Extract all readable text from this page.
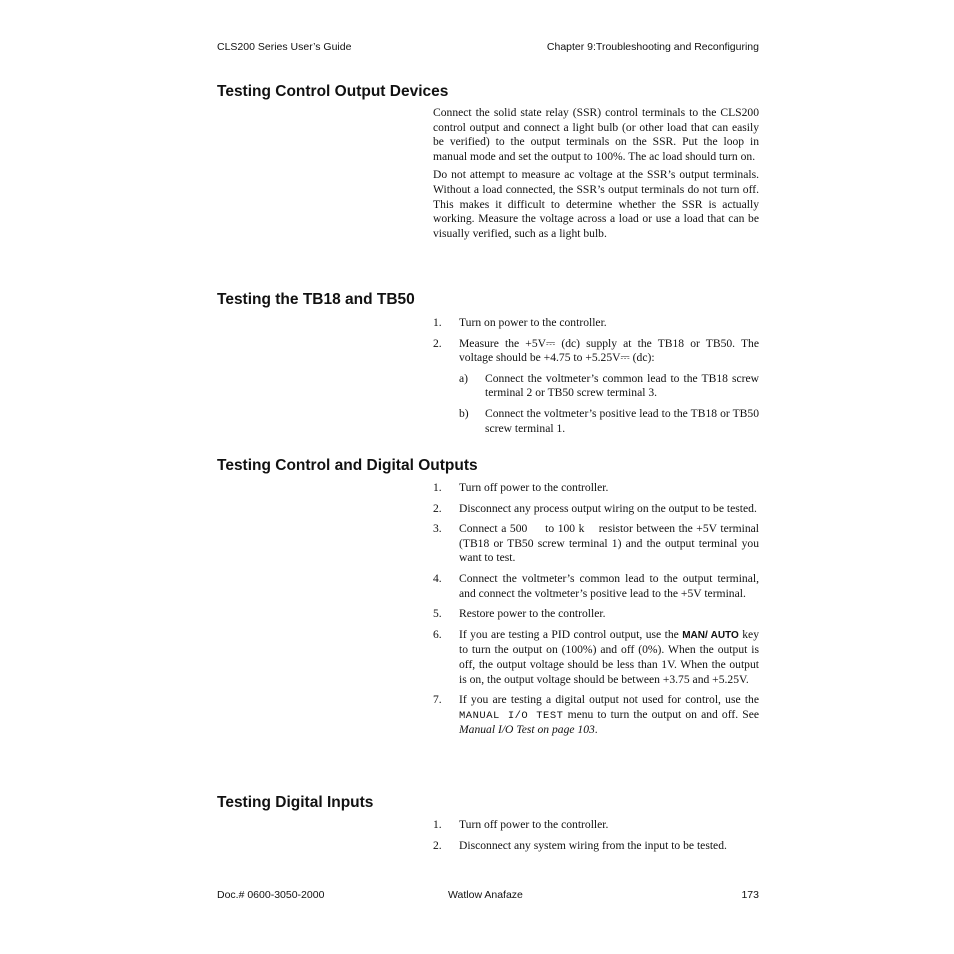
CLS200 Series User’s Guide	Chapter 9:Troubleshooting and Reconfiguring
Testing Control Output Devices

Connect the solid state relay (SSR) control terminals to the CLS200 control output and connect a light bulb (or other load that can easily be verified) to the output terminals on the SSR. Put the loop in manual mode and set the output to 100%. The ac load should turn on.

Do not attempt to measure ac voltage at the SSR’s output terminals. Without a load connected, the SSR’s output terminals do not turn off. This makes it difficult to determine whether the SSR is actually working. Measure the voltage across a load or use a load that can be visually verified, such as a light bulb.

Testing the TB18 and TB50
1. Turn on power to the controller.
2. Measure the +5V⎓ (dc) supply at the TB18 or TB50. The voltage should be +4.75 to +5.25V⎓ (dc):
a) Connect the voltmeter’s common lead to the TB18 screw terminal 2 or TB50 screw terminal 3.
b) Connect the voltmeter’s positive lead to the TB18 or TB50 screw terminal 1.
Testing Control and Digital Outputs
1. Turn off power to the controller.
2. Disconnect any process output wiring on the output to be tested.
3. Connect a 500     to 100 k    resistor between the +5V terminal (TB18 or TB50 screw terminal 1) and the output terminal you want to test.
4. Connect the voltmeter’s common lead to the output terminal, and connect the voltmeter’s positive lead to the +5V terminal.
5. Restore power to the controller.
6. If you are testing a PID control output, use the MAN/ AUTO key to turn the output on (100%) and off (0%). When the output is off, the output voltage should be less than 1V. When the output is on, the output voltage should be between +3.75 and +5.25V.
7. If you are testing a digital output not used for control, use the MANUAL I/O TEST menu to turn the output on and off. See Manual I/O Test on page 103.
Testing Digital Inputs
1. Turn off power to the controller.
2. Disconnect any system wiring from the input to be tested.
Doc.# 0600-3050-2000	Watlow Anafaze	173
